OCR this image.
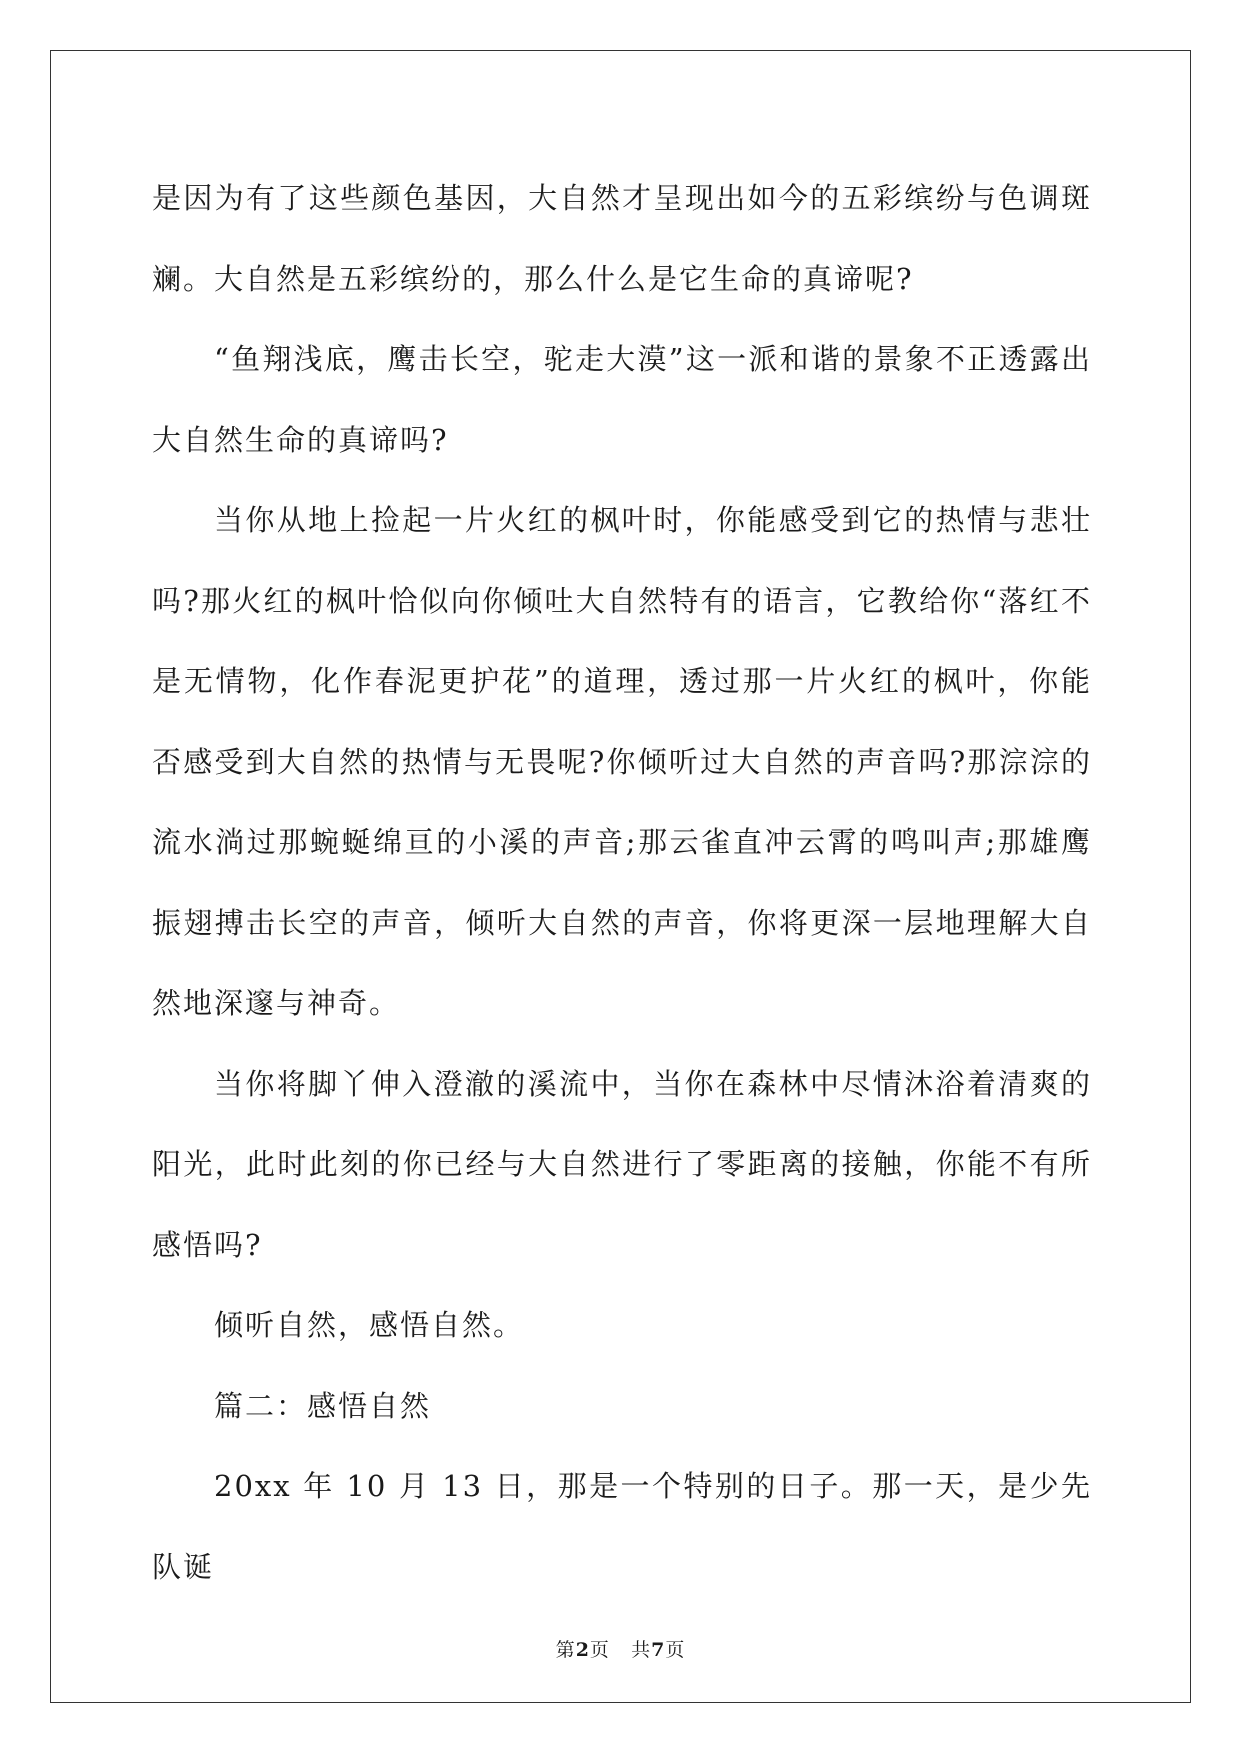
是因为有了这些颜色基因，大自然才呈现出如今的五彩缤纷与色调斑斓。大自然是五彩缤纷的，那么什么是它生命的真谛呢?

“鱼翔浅底，鹰击长空，驼走大漠”这一派和谐的景象不正透露出大自然生命的真谛吗?

当你从地上捡起一片火红的枫叶时，你能感受到它的热情与悲壮吗?那火红的枫叶恰似向你倾吐大自然特有的语言，它教给你“落红不是无情物，化作春泥更护花”的道理，透过那一片火红的枫叶，你能否感受到大自然的热情与无畏呢?你倾听过大自然的声音吗?那淙淙的流水淌过那蜿蜒绵亘的小溪的声音;那云雀直冲云霄的鸣叫声;那雄鹰振翅搏击长空的声音，倾听大自然的声音，你将更深一层地理解大自然地深邃与神奇。

当你将脚丫伸入澄澈的溪流中，当你在森林中尽情沐浴着清爽的阳光，此时此刻的你已经与大自然进行了零距离的接触，你能不有所感悟吗?

倾听自然，感悟自然。

篇二：感悟自然

20xx 年 10 月 13 日，那是一个特别的日子。那一天，是少先队诞

第2页 共7页
